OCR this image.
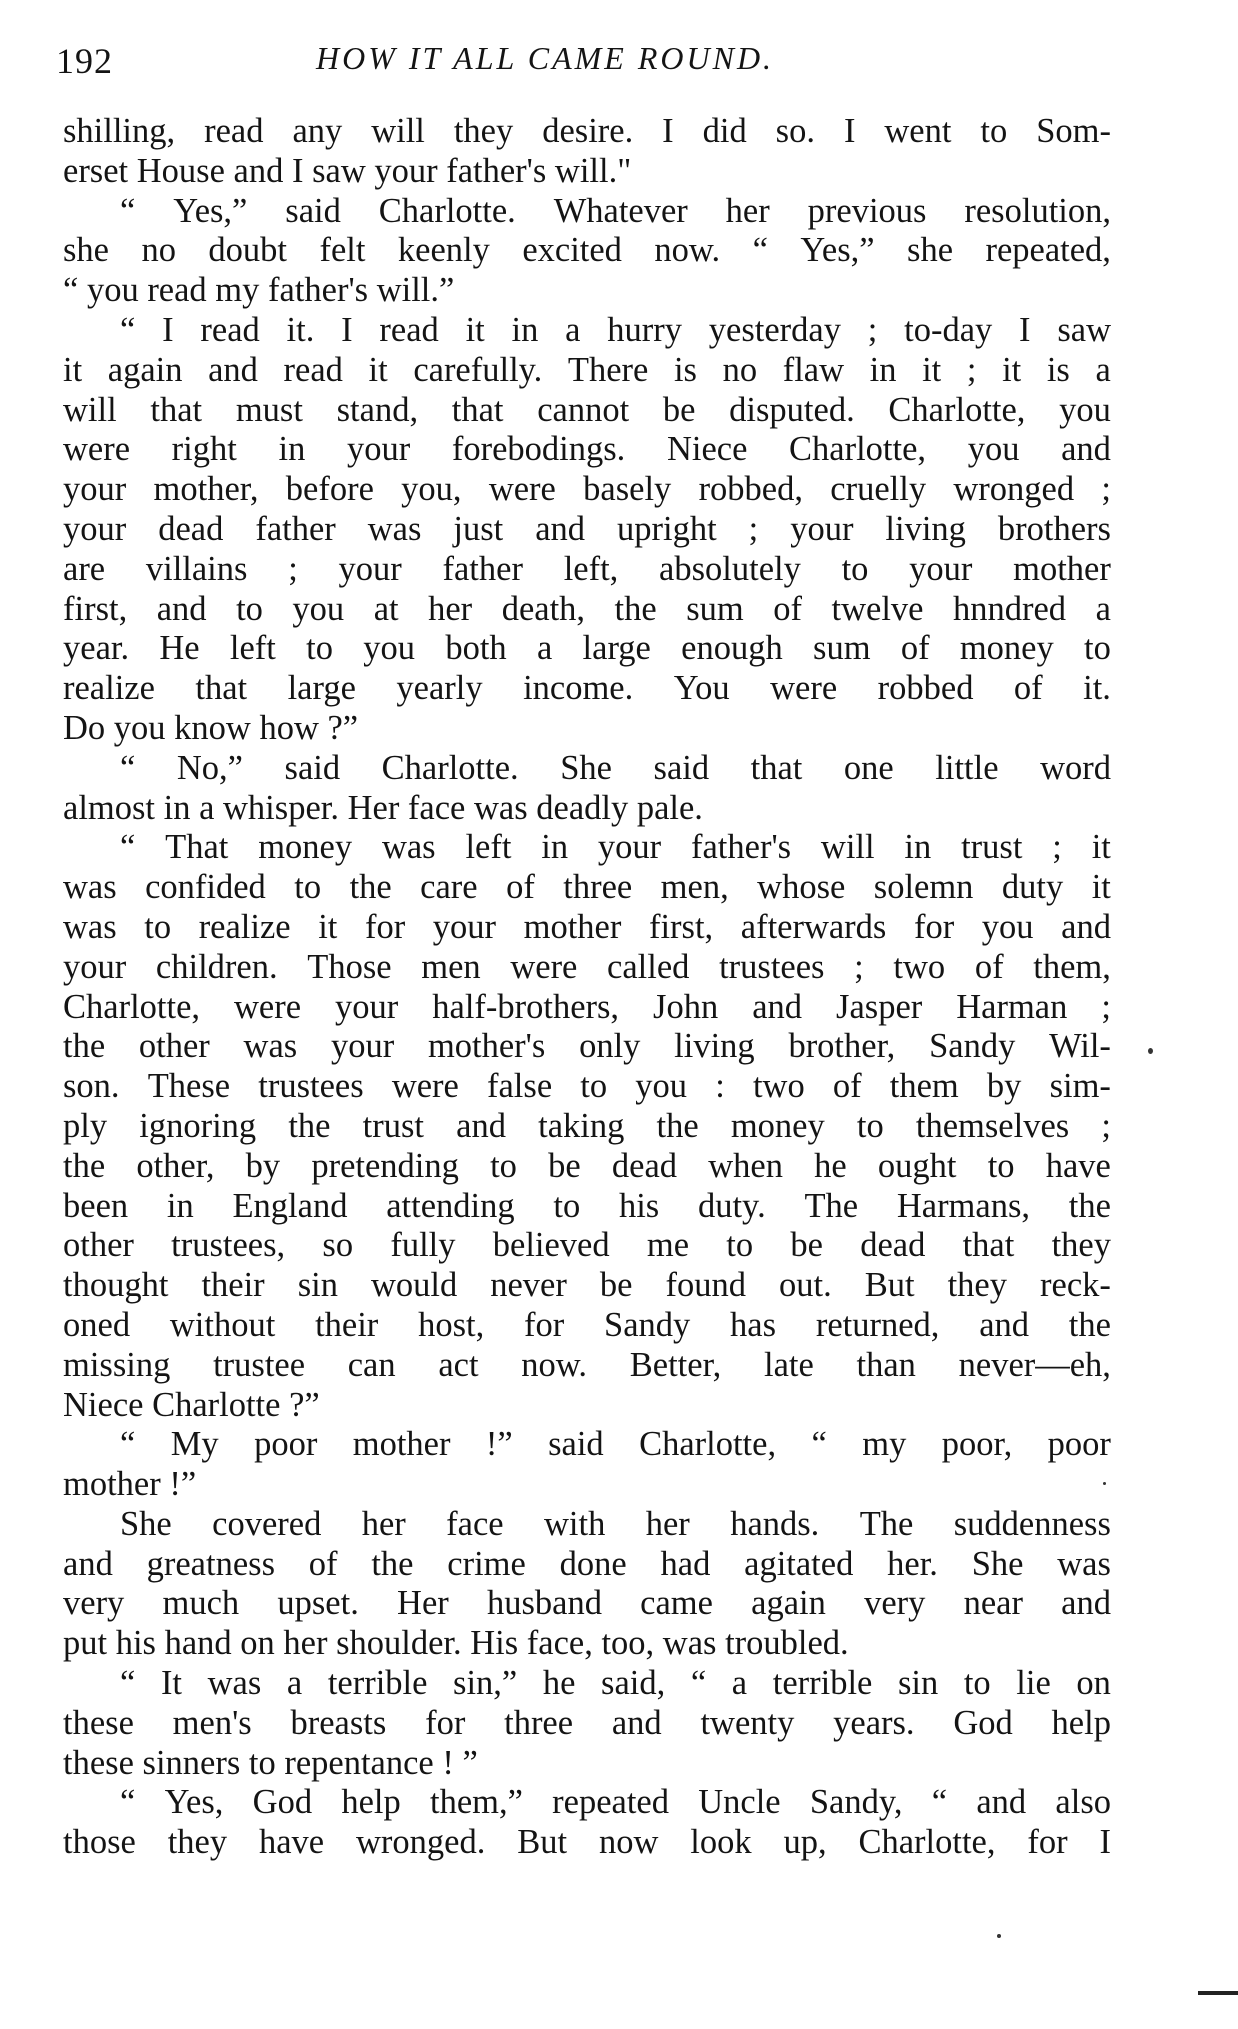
192	HOW IT ALL CAME ROUND.
shilling, read any will they desire. I did so. I went to Som-
erset House and I saw your father's will."
“ Yes,” said Charlotte. Whatever her previous resolution,
she no doubt felt keenly excited now. “ Yes,” she repeated,
“ you read my father's will.”
“ I read it. I read it in a hurry yesterday ; to-day I saw
it again and read it carefully. There is no flaw in it ; it is a
will that must stand, that cannot be disputed. Charlotte, you
were right in your forebodings. Niece Charlotte, you and
your mother, before you, were basely robbed, cruelly wronged ;
your dead father was just and upright ; your living brothers
are villains ; your father left, absolutely to your mother
first, and to you at her death, the sum of twelve hnndred a
year. He left to you both a large enough sum of money to
realize that large yearly income. You were robbed of it.
Do you know how ?”
“ No,” said Charlotte. She said that one little word
almost in a whisper. Her face was deadly pale.
“ That money was left in your father's will in trust ; it
was confided to the care of three men, whose solemn duty it
was to realize it for your mother first, afterwards for you and
your children. Those men were called trustees ; two of them,
Charlotte, were your half-brothers, John and Jasper Harman ;
the other was your mother's only living brother, Sandy Wil-
son. These trustees were false to you : two of them by sim-
ply ignoring the trust and taking the money to themselves ;
the other, by pretending to be dead when he ought to have
been in England attending to his duty. The Harmans, the
other trustees, so fully believed me to be dead that they
thought their sin would never be found out. But they reck-
oned without their host, for Sandy has returned, and the
missing trustee can act now. Better, late than never—eh,
Niece Charlotte ?”
“ My poor mother !” said Charlotte, “ my poor, poor
mother !”
She covered her face with her hands. The suddenness
and greatness of the crime done had agitated her. She was
very much upset. Her husband came again very near and
put his hand on her shoulder. His face, too, was troubled.
“ It was a terrible sin,” he said, “ a terrible sin to lie on
these men's breasts for three and twenty years. God help
these sinners to repentance ! ”
“ Yes, God help them,” repeated Uncle Sandy, “ and also
those they have wronged. But now look up, Charlotte, for I
